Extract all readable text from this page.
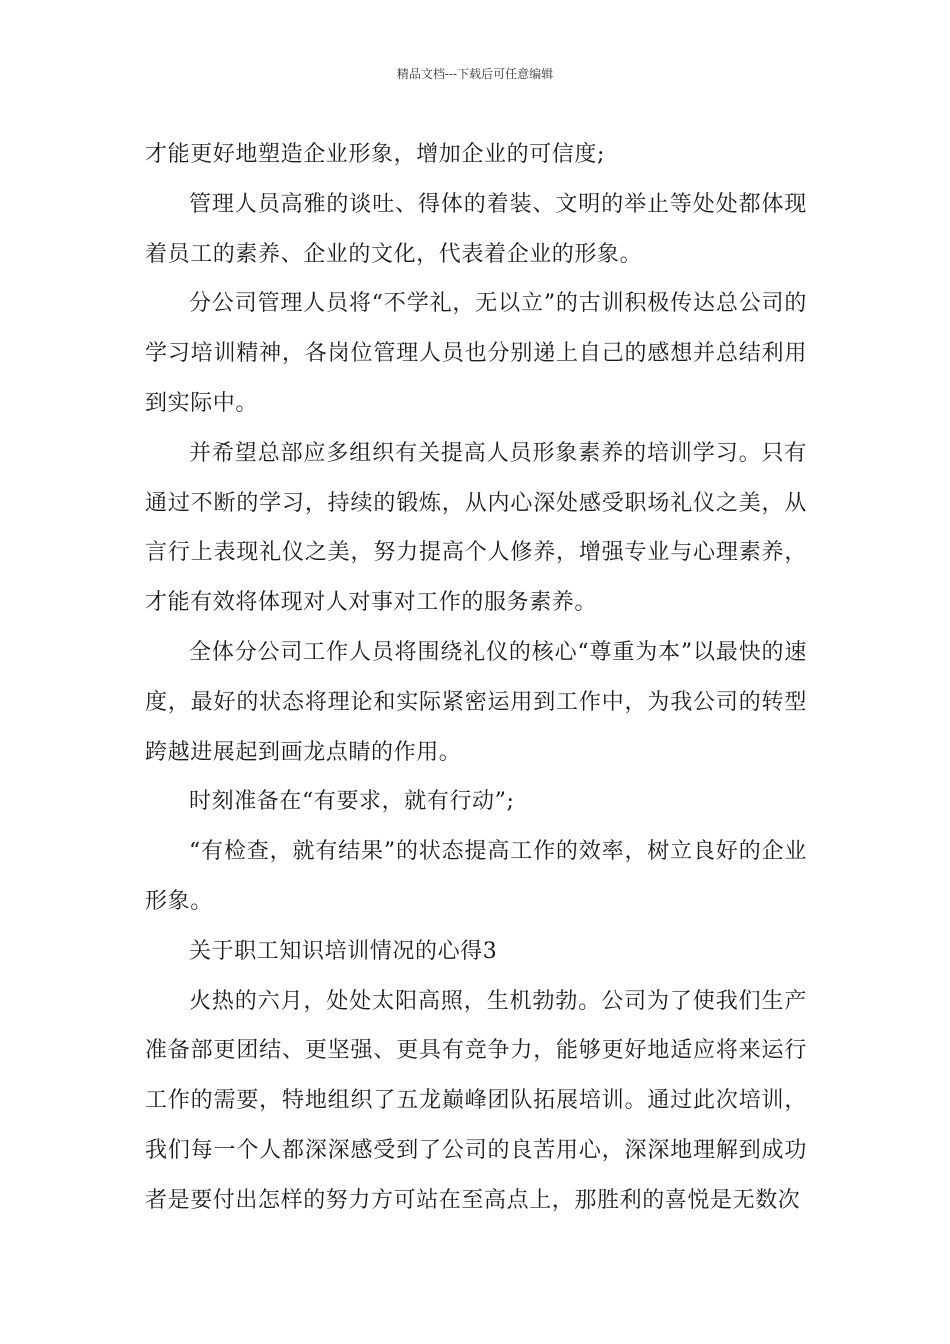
精品文档---下载后可任意编辑

才能更好地塑造企业形象，增加企业的可信度;

管理人员高雅的谈吐、得体的着装、文明的举止等处处都体现着员工的素养、企业的文化，代表着企业的形象。

分公司管理人员将“不学礼，无以立”的古训积极传达总公司的学习培训精神，各岗位管理人员也分别递上自己的感想并总结利用到实际中。

并希望总部应多组织有关提高人员形象素养的培训学习。只有通过不断的学习，持续的锻炼，从内心深处感受职场礼仪之美，从言行上表现礼仪之美，努力提高个人修养，增强专业与心理素养，才能有效将体现对人对事对工作的服务素养。

全体分公司工作人员将围绕礼仪的核心“尊重为本”以最快的速度，最好的状态将理论和实际紧密运用到工作中，为我公司的转型跨越进展起到画龙点睛的作用。

时刻准备在“有要求，就有行动”;

“有检查，就有结果”的状态提高工作的效率，树立良好的企业形象。

关于职工知识培训情况的心得3

火热的六月，处处太阳高照，生机勃勃。公司为了使我们生产准备部更团结、更坚强、更具有竞争力，能够更好地适应将来运行工作的需要，特地组织了五龙巅峰团队拓展培训。通过此次培训，我们每一个人都深深感受到了公司的良苦用心，深深地理解到成功者是要付出怎样的努力方可站在至高点上，那胜利的喜悦是无数次
